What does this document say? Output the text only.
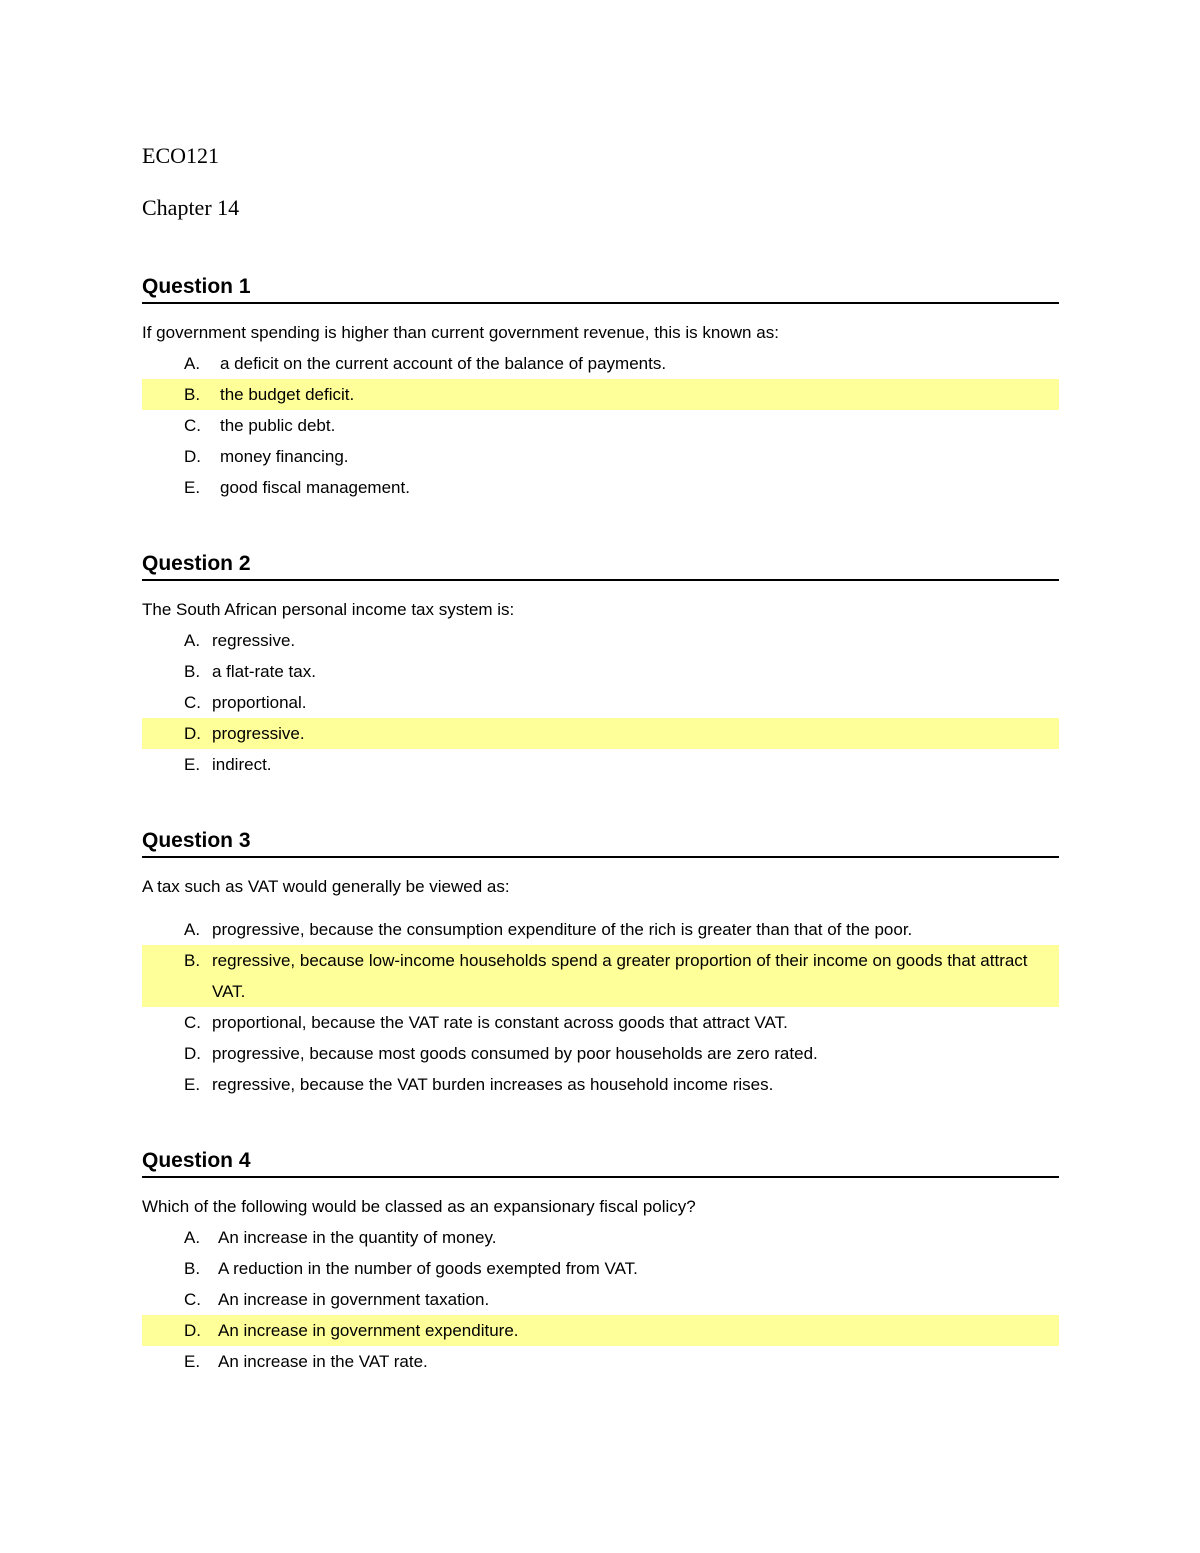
ECO121
Chapter 14
Question 1

If government spending is higher than current government revenue, this is known as:

A.	a deficit on the current account of the balance of payments.
B.	the budget deficit.
C.	the public debt.
D.	money financing.
E.	good fiscal management.
Question 2

The South African personal income tax system is:

A. regressive.
B. a flat-rate tax.
C. proportional.
D. progressive.
E. indirect.
Question 3

A tax such as VAT would generally be viewed as:

A. progressive, because the consumption expenditure of the rich is greater than that of the poor.
B. regressive, because low-income households spend a greater proportion of their income on goods that attract VAT.
C. proportional, because the VAT rate is constant across goods that attract VAT.
D. progressive, because most goods consumed by poor households are zero rated.
E. regressive, because the VAT burden increases as household income rises.
Question 4

Which of the following would be classed as an expansionary fiscal policy?

A.	An increase in the quantity of money.
B.	A reduction in the number of goods exempted from VAT.
C.	An increase in government taxation.
D.	An increase in government expenditure.
E.	An increase in the VAT rate.
